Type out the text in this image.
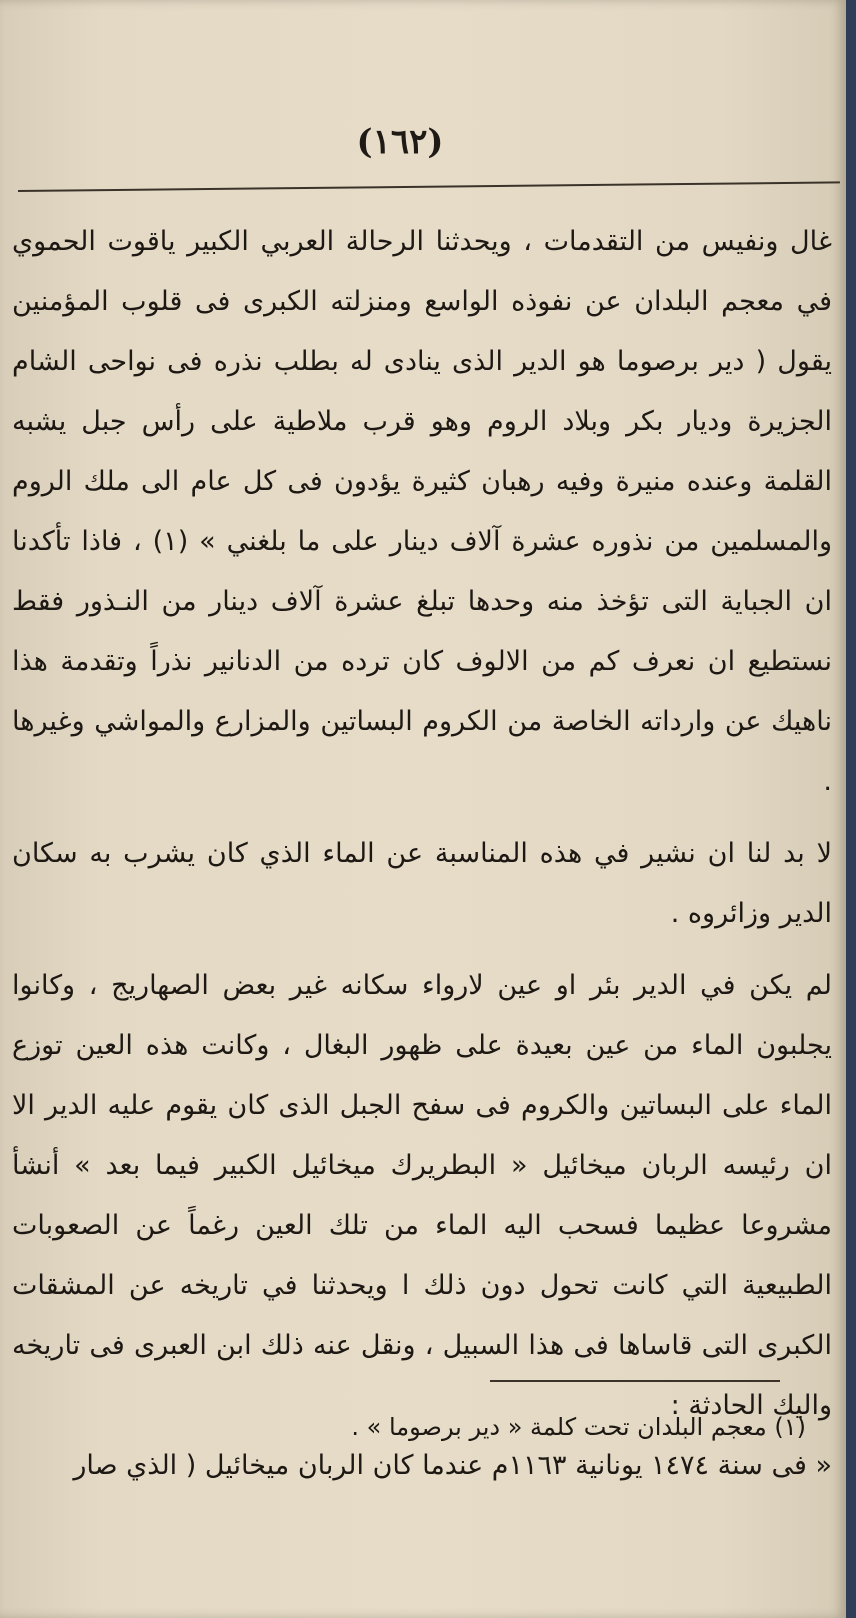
(١٦٢)

غال ونفيس من التقدمات ، ويحدثنا الرحالة العربي الكبير ياقوت الحموي في معجم البلدان عن نفوذه الواسع ومنزلته الكبرى فى قلوب المؤمنين يقول ( دير برصوما هو الدير الذى ينادى له بطلب نذره فى نواحى الشام الجزيرة وديار بكر وبلاد الروم وهو قرب ملاطية على رأس جبل يشبه القلمة وعنده منيرة وفيه رهبان كثيرة يؤدون فى كل عام الى ملك الروم والمسلمين من نذوره عشرة آلاف دينار على ما بلغني » (١) ، فاذا تأكدنا ان الجباية التى تؤخذ منه وحدها تبلغ عشرة آلاف دينار من النـذور فقط نستطيع ان نعرف كم من الالوف كان ترده من الدنانير نذراً وتقدمة هذا ناهيك عن وارداته الخاصة من الكروم البساتين والمزارع والمواشي وغيرها .

لا بد لنا ان نشير في هذه المناسبة عن الماء الذي كان يشرب به سكان الدير وزائروه .

لم يكن في الدير بئر او عين لارواء سكانه غير بعض الصهاريج ، وكانوا يجلبون الماء من عين بعيدة على ظهور البغال ، وكانت هذه العين توزع الماء على البساتين والكروم فى سفح الجبل الذى كان يقوم عليه الدير الا ان رئيسه الربان ميخائيل « البطريرك ميخائيل الكبير فيما بعد » أنشأ مشروعا عظيما فسحب اليه الماء من تلك العين رغماً عن الصعوبات الطبيعية التي كانت تحول دون ذلك ا ويحدثنا في تاريخه عن المشقات الكبرى التى قاساها فى هذا السبيل ، ونقل عنه ذلك ابن العبرى فى تاريخه واليك الحادثة :

« فى سنة ١٤٧٤ يونانية ١١٦٣م عندما كان الربان ميخائيل ( الذي صار

(١) معجم البلدان تحت كلمة « دير برصوما » .
